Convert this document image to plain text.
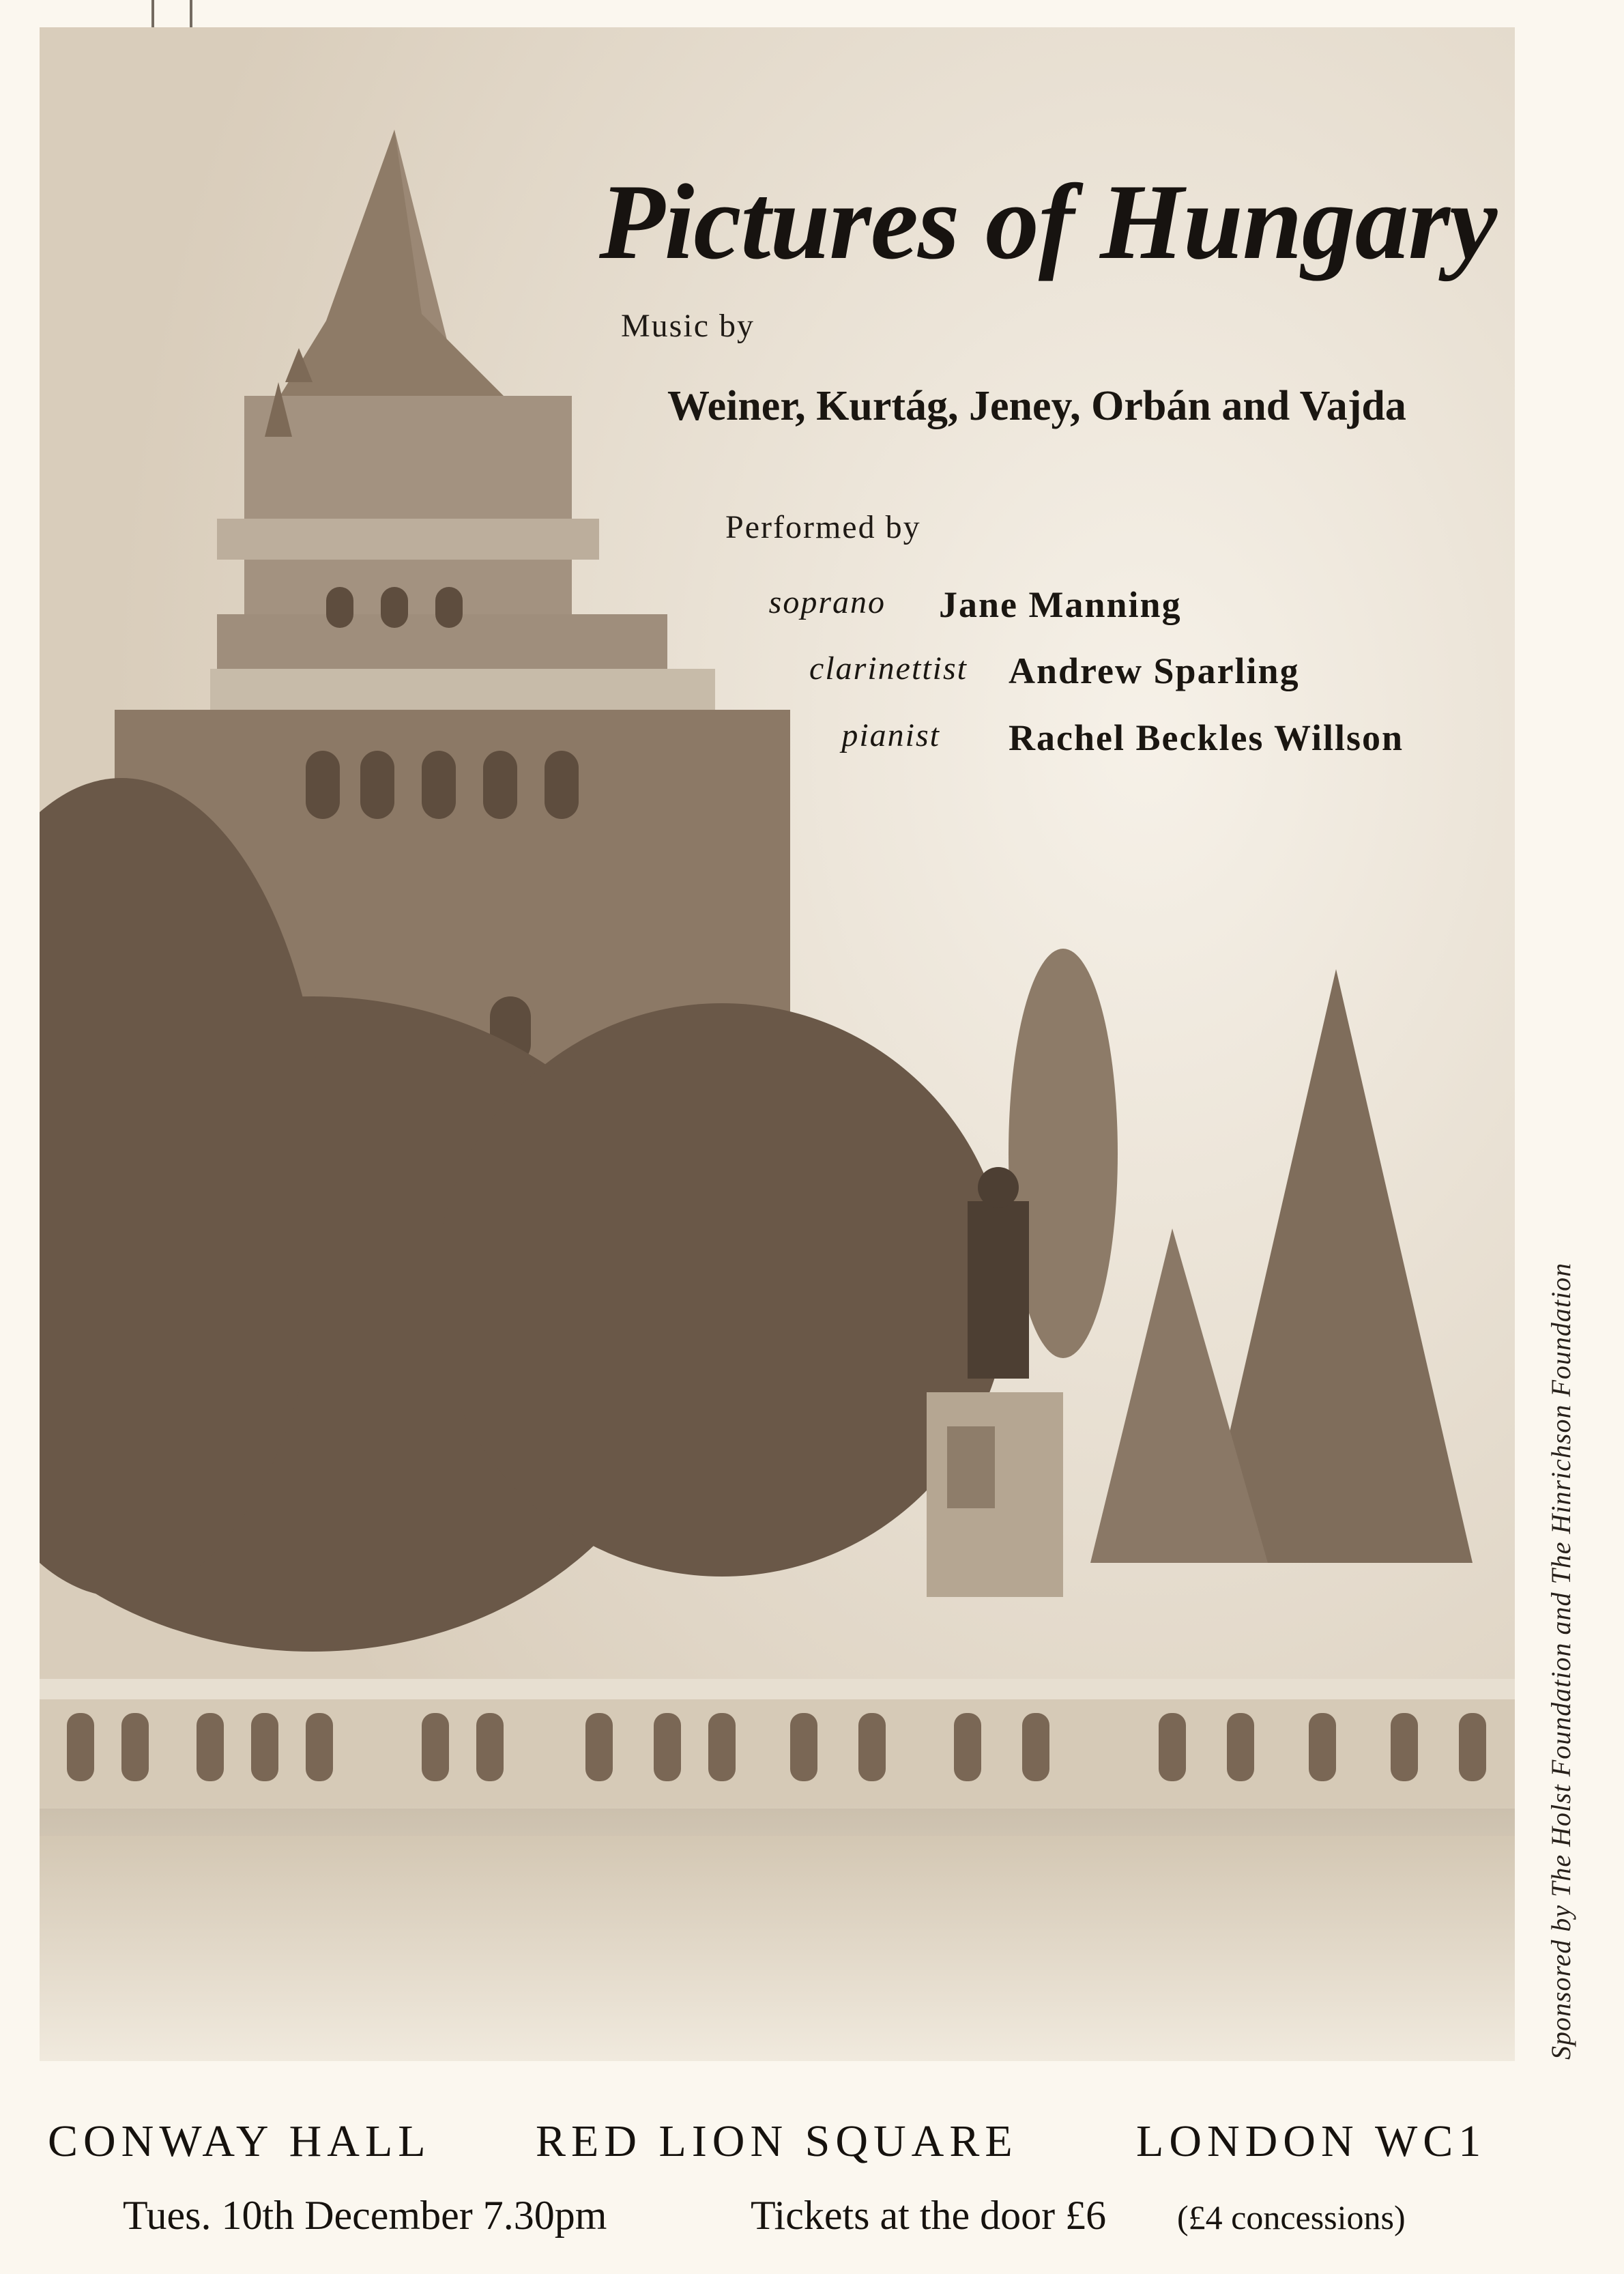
Pictures of Hungary
Music by
Weiner, Kurtág, Jeney, Orbán and Vajda
Performed by
soprano Jane Manning
clarinettist Andrew Sparling
pianist Rachel Beckles Willson
Sponsored by The Holst Foundation and The Hinrichson Foundation
CONWAY HALL RED LION SQUARE	LONDON WC1
Tues. 10th December 7.30pm	Tickets at the door £6 (£4 concessions)
